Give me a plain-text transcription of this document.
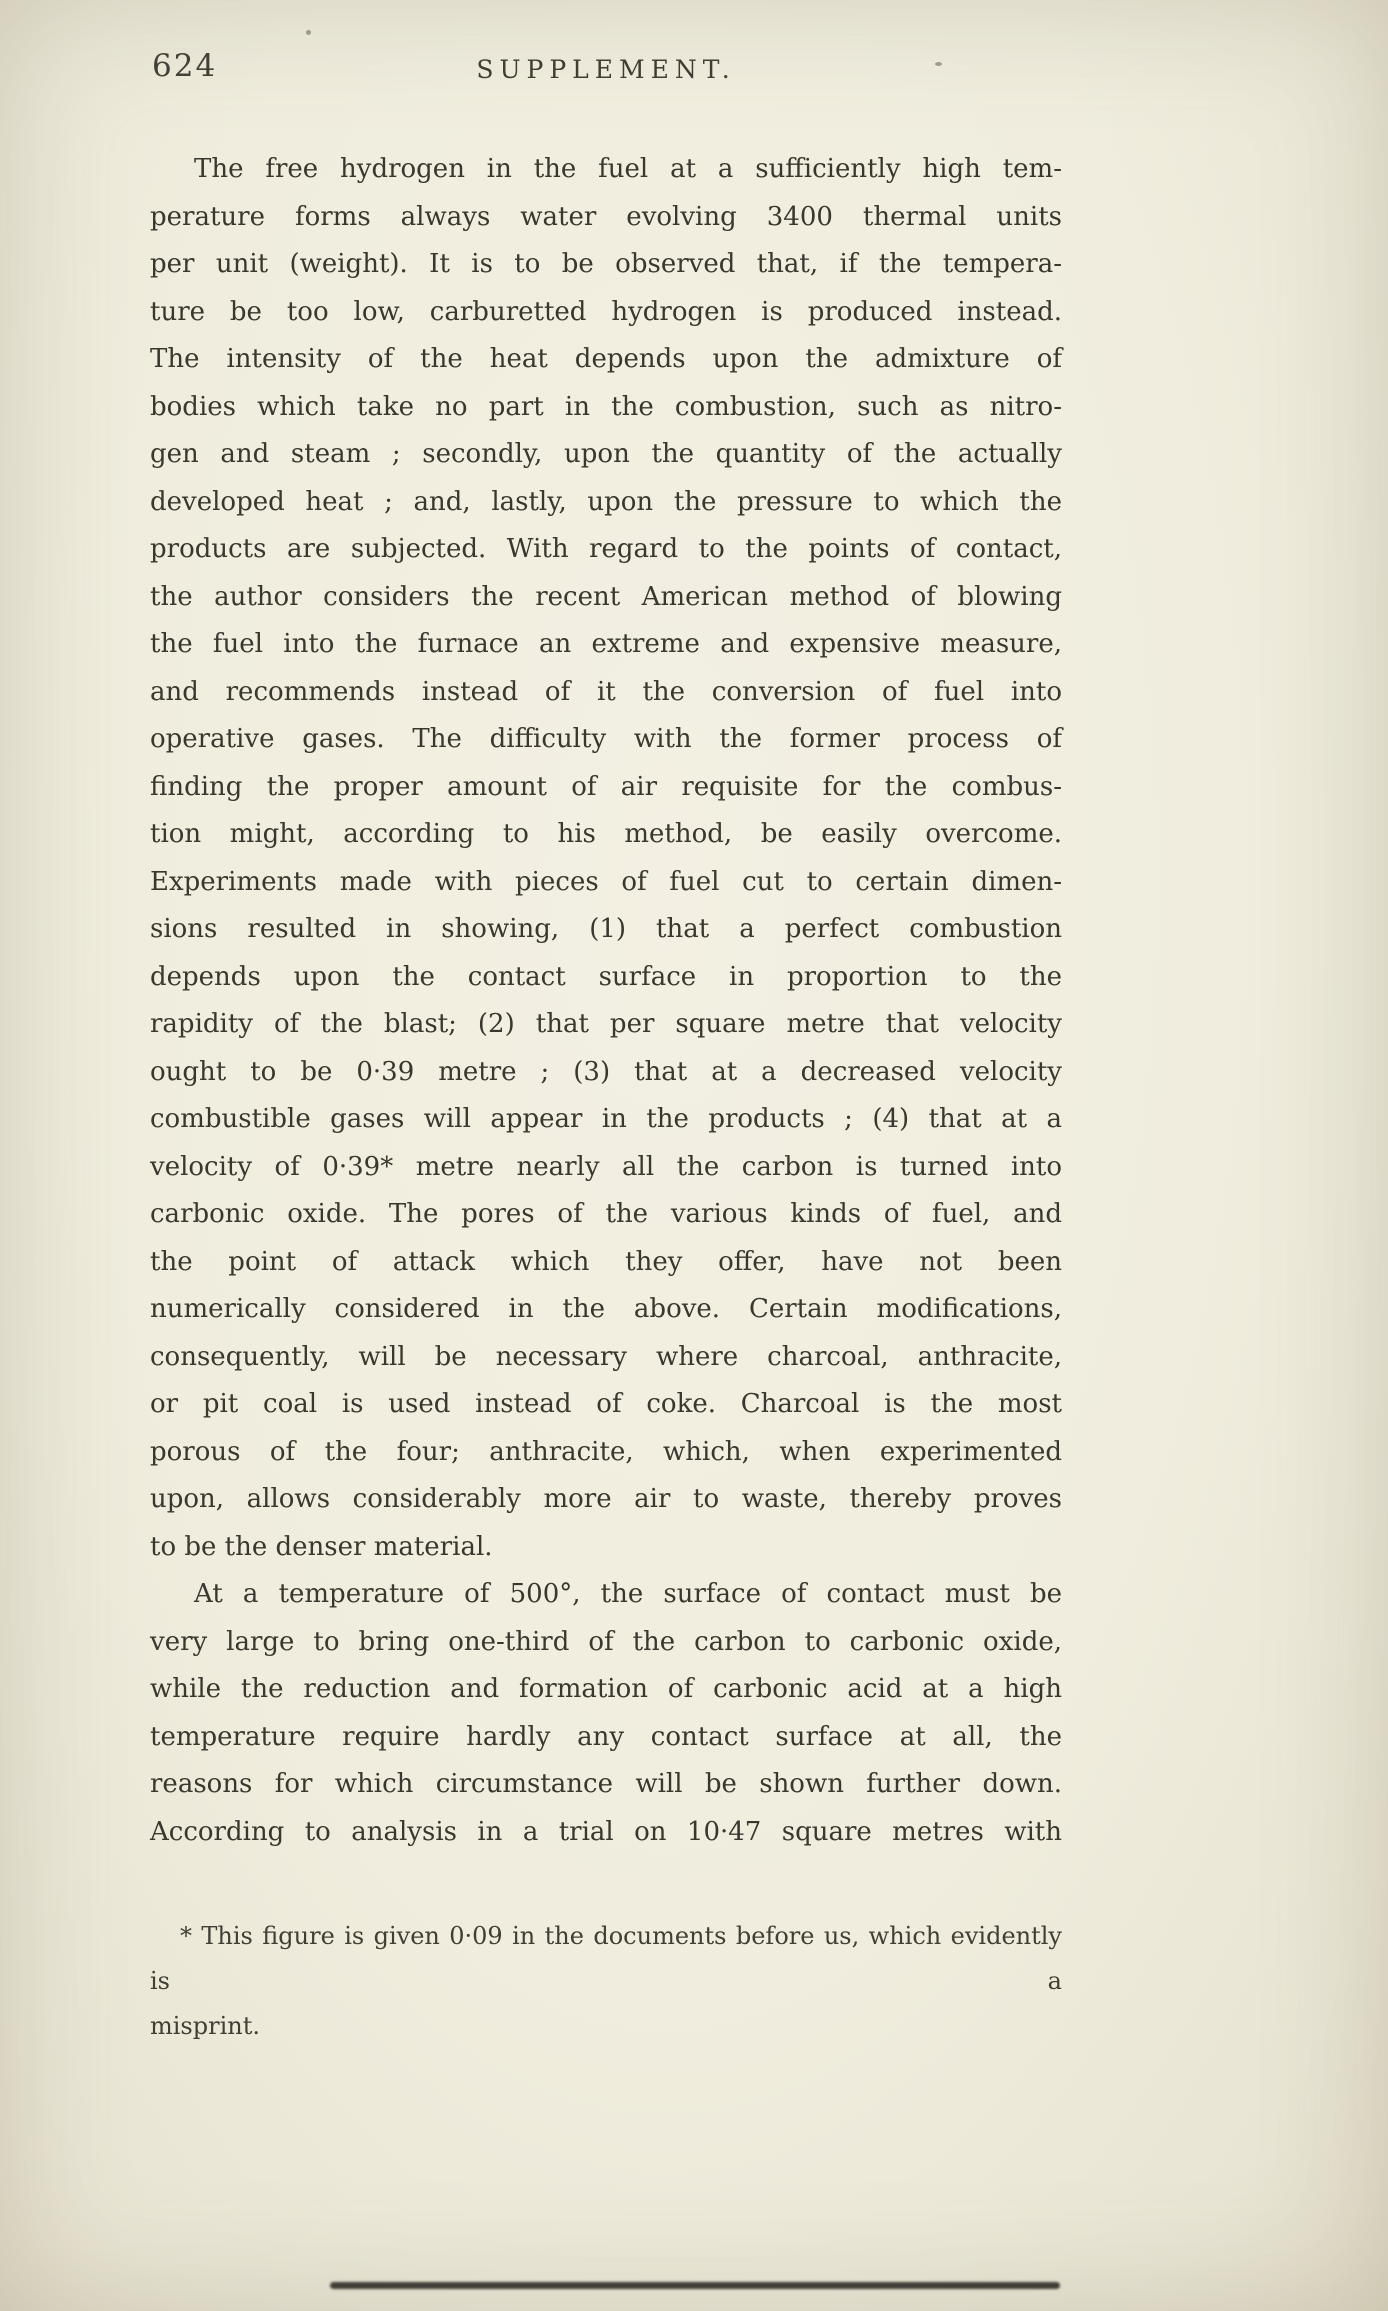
624	SUPPLEMENT.
The free hydrogen in the fuel at a sufficiently high tem-
perature forms always water evolving 3400 thermal units
per unit (weight). It is to be observed that, if the tempera-
ture be too low, carburetted hydrogen is produced instead.
The intensity of the heat depends upon the admixture of
bodies which take no part in the combustion, such as nitro-
gen and steam ; secondly, upon the quantity of the actually
developed heat ; and, lastly, upon the pressure to which the
products are subjected. With regard to the points of contact,
the author considers the recent American method of blowing
the fuel into the furnace an extreme and expensive measure,
and recommends instead of it the conversion of fuel into
operative gases. The difficulty with the former process of
finding the proper amount of air requisite for the combus-
tion might, according to his method, be easily overcome.
Experiments made with pieces of fuel cut to certain dimen-
sions resulted in showing, (1) that a perfect combustion
depends upon the contact surface in proportion to the
rapidity of the blast; (2) that per square metre that velocity
ought to be 0·39 metre ; (3) that at a decreased velocity
combustible gases will appear in the products ; (4) that at a
velocity of 0·39* metre nearly all the carbon is turned into
carbonic oxide. The pores of the various kinds of fuel, and
the point of attack which they offer, have not been
numerically considered in the above. Certain modifications,
consequently, will be necessary where charcoal, anthracite,
or pit coal is used instead of coke. Charcoal is the most
porous of the four; anthracite, which, when experimented
upon, allows considerably more air to waste, thereby proves
to be the denser material.
At a temperature of 500°, the surface of contact must be
very large to bring one-third of the carbon to carbonic oxide,
while the reduction and formation of carbonic acid at a high
temperature require hardly any contact surface at all, the
reasons for which circumstance will be shown further down.
According to analysis in a trial on 10·47 square metres with
* This figure is given 0·09 in the documents before us, which evidently is a
misprint.
